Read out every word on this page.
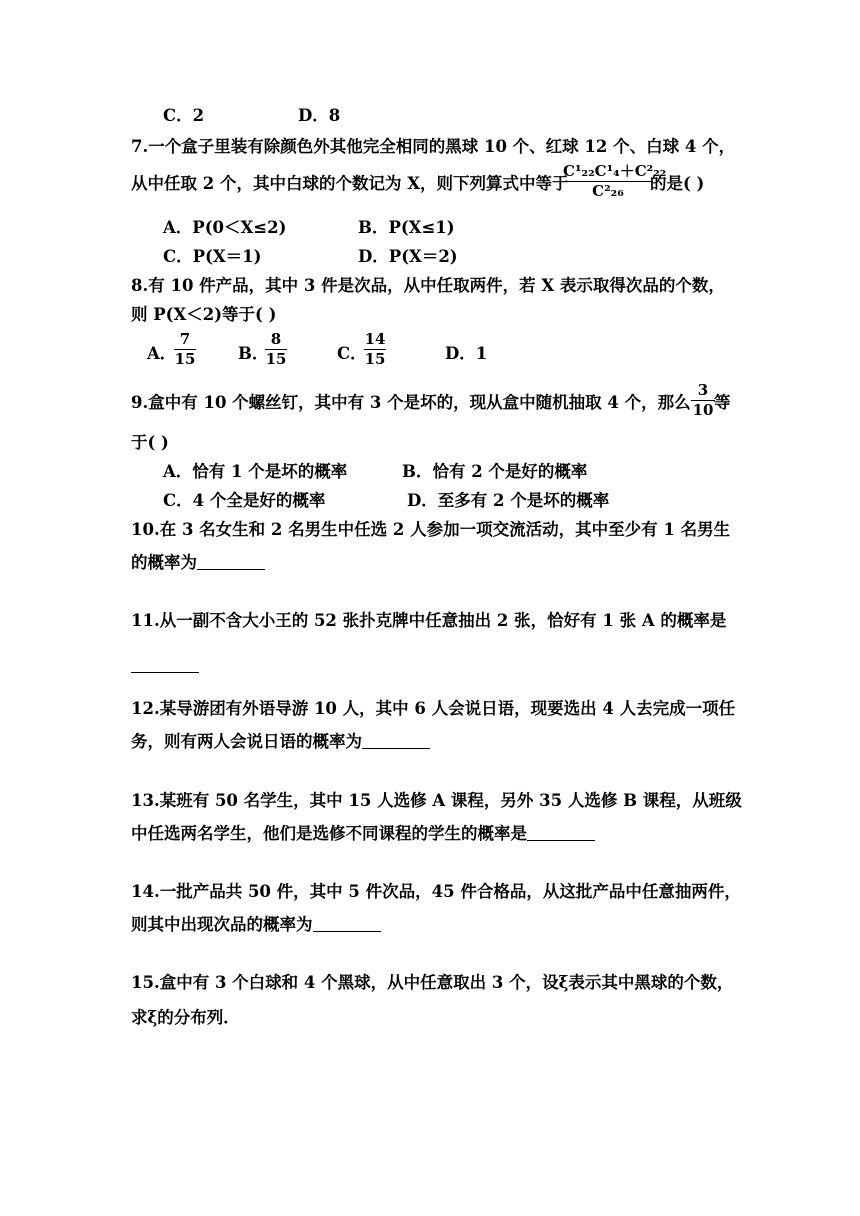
C．2	D．8
7.一个盒子里装有除颜色外其他完全相同的黑球 10 个、红球 12 个、白球 4 个，
从中任取 2 个，其中白球的个数记为 X，则下列算式中等于
C¹₂₂C¹₄＋C²₂₂
C²₂₆	的是( )
A．P(0＜X≤2)	B．P(X≤1)
C．P(X＝1)	D．P(X＝2)
8.有 10 件产品，其中 3 件是次品，从中任取两件，若 X 表示取得次品的个数，
则 P(X＜2)等于( )
A．
7
15	B．
8
15	C．
14
15	D．1
9.盒中有 10 个螺丝钉，其中有 3 个是坏的，现从盒中随机抽取 4 个，那么
3
10 等
于( )
A．恰有 1 个是坏的概率	B．恰有 2 个是好的概率
C．4 个全是好的概率	D．至多有 2 个是坏的概率
10.在 3 名女生和 2 名男生中任选 2 人参加一项交流活动，其中至少有 1 名男生
的概率为
11.从一副不含大小王的 52 张扑克牌中任意抽出 2 张，恰好有 1 张 A 的概率是
12.某导游团有外语导游 10 人，其中 6 人会说日语，现要选出 4 人去完成一项任
务，则有两人会说日语的概率为
13.某班有 50 名学生，其中 15 人选修 A 课程，另外 35 人选修 B 课程，从班级
中任选两名学生，他们是选修不同课程的学生的概率是
14.一批产品共 50 件，其中 5 件次品，45 件合格品，从这批产品中任意抽两件，
则其中出现次品的概率为
15.盒中有 3 个白球和 4 个黑球，从中任意取出 3 个，设ξ表示其中黑球的个数，
求ξ的分布列．
